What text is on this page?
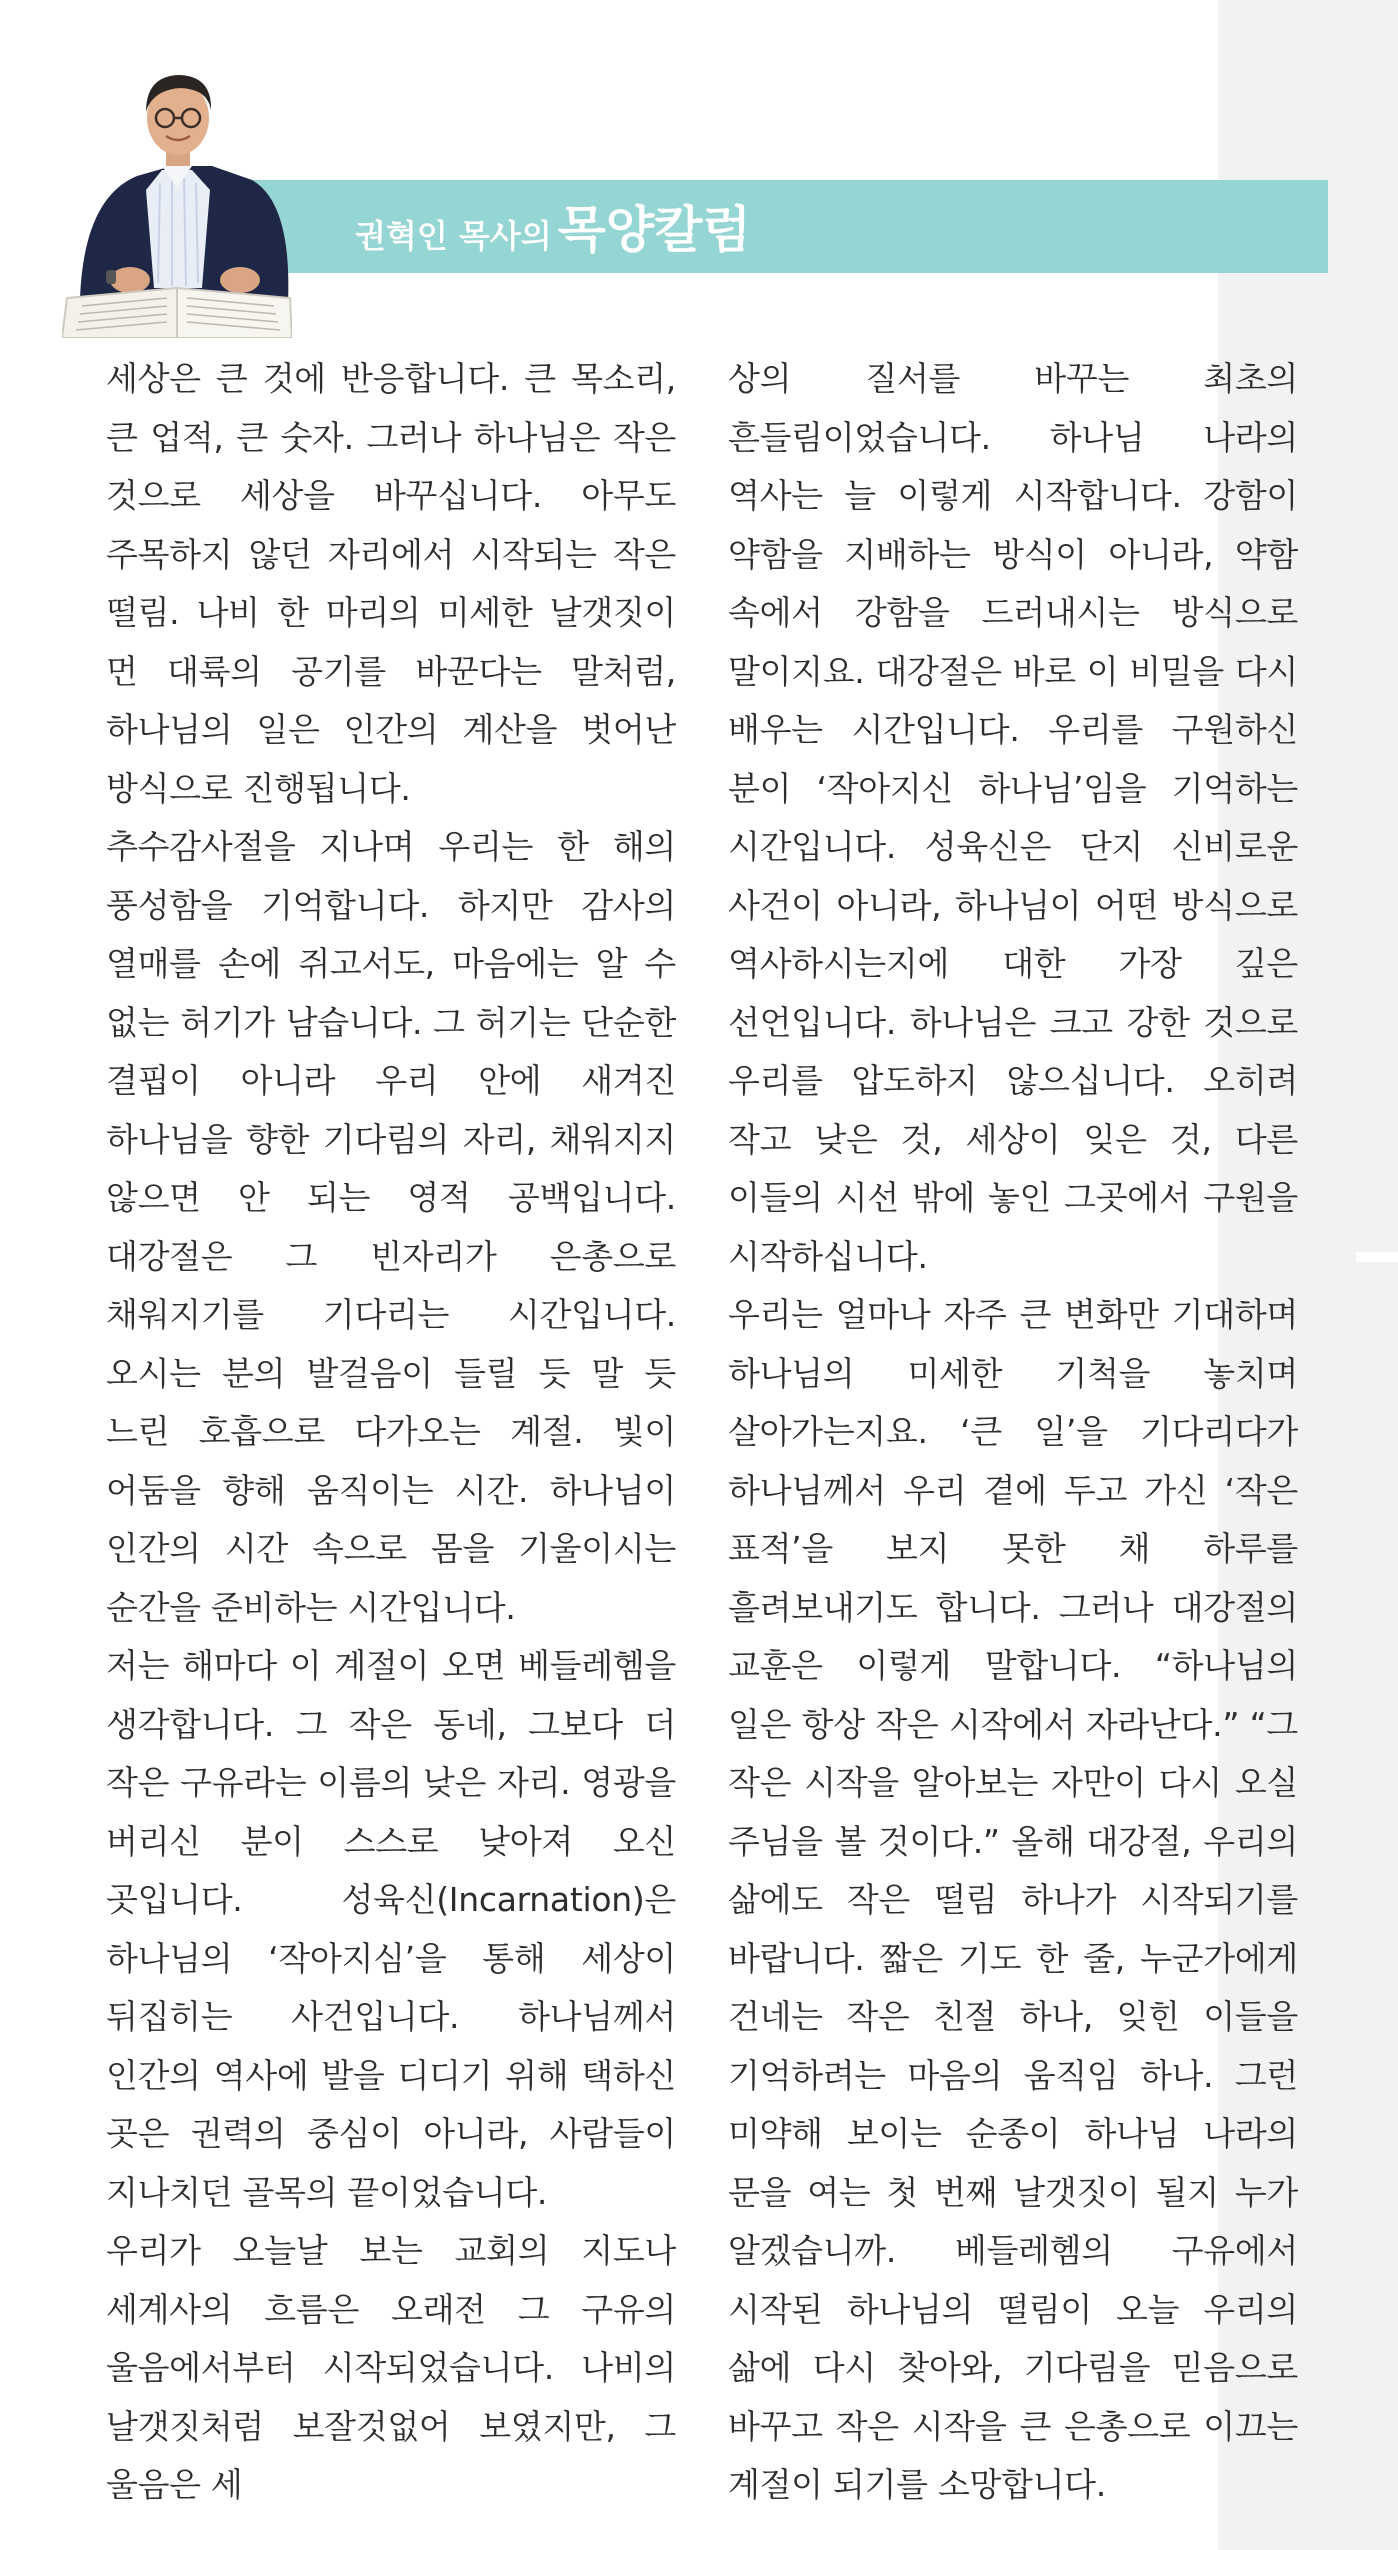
권혁인 목사의 목양칼럼

세상은 큰 것에 반응합니다. 큰 목소리, 큰 업적, 큰 숫자. 그러나 하나님은 작은 것으로 세상을 바꾸십니다. 아무도 주목하지 않던 자리에서 시작되는 작은 떨림. 나비 한 마리의 미세한 날갯짓이 먼 대륙의 공기를 바꾼다는 말처럼, 하나님의 일은 인간의 계산을 벗어난 방식으로 진행됩니다.

추수감사절을 지나며 우리는 한 해의 풍성함을 기억합니다. 하지만 감사의 열매를 손에 쥐고서도, 마음에는 알 수 없는 허기가 남습니다. 그 허기는 단순한 결핍이 아니라 우리 안에 새겨진 하나님을 향한 기다림의 자리, 채워지지 않으면 안 되는 영적 공백입니다. 대강절은 그 빈자리가 은총으로 채워지기를 기다리는 시간입니다. 오시는 분의 발걸음이 들릴 듯 말 듯 느린 호흡으로 다가오는 계절. 빛이 어둠을 향해 움직이는 시간. 하나님이 인간의 시간 속으로 몸을 기울이시는 순간을 준비하는 시간입니다.

저는 해마다 이 계절이 오면 베들레헴을 생각합니다. 그 작은 동네, 그보다 더 작은 구유라는 이름의 낮은 자리. 영광을 버리신 분이 스스로 낮아져 오신 곳입니다. 성육신(Incarnation)은 하나님의 ‘작아지심’을 통해 세상이 뒤집히는 사건입니다. 하나님께서 인간의 역사에 발을 디디기 위해 택하신 곳은 권력의 중심이 아니라, 사람들이 지나치던 골목의 끝이었습니다.

우리가 오늘날 보는 교회의 지도나 세계사의 흐름은 오래전 그 구유의 울음에서부터 시작되었습니다. 나비의 날갯짓처럼 보잘것없어 보였지만, 그 울음은 세

상의 질서를 바꾸는 최초의 흔들림이었습니다. 하나님 나라의 역사는 늘 이렇게 시작합니다. 강함이 약함을 지배하는 방식이 아니라, 약함 속에서 강함을 드러내시는 방식으로 말이지요. 대강절은 바로 이 비밀을 다시 배우는 시간입니다. 우리를 구원하신 분이 ‘작아지신 하나님’임을 기억하는 시간입니다. 성육신은 단지 신비로운 사건이 아니라, 하나님이 어떤 방식으로 역사하시는지에 대한 가장 깊은 선언입니다. 하나님은 크고 강한 것으로 우리를 압도하지 않으십니다. 오히려 작고 낮은 것, 세상이 잊은 것, 다른 이들의 시선 밖에 놓인 그곳에서 구원을 시작하십니다.

우리는 얼마나 자주 큰 변화만 기대하며 하나님의 미세한 기척을 놓치며 살아가는지요. ‘큰 일’을 기다리다가 하나님께서 우리 곁에 두고 가신 ‘작은 표적’을 보지 못한 채 하루를 흘려보내기도 합니다. 그러나 대강절의 교훈은 이렇게 말합니다. “하나님의 일은 항상 작은 시작에서 자라난다.” “그 작은 시작을 알아보는 자만이 다시 오실 주님을 볼 것이다.” 올해 대강절, 우리의 삶에도 작은 떨림 하나가 시작되기를 바랍니다. 짧은 기도 한 줄, 누군가에게 건네는 작은 친절 하나, 잊힌 이들을 기억하려는 마음의 움직임 하나. 그런 미약해 보이는 순종이 하나님 나라의 문을 여는 첫 번째 날갯짓이 될지 누가 알겠습니까. 베들레헴의 구유에서 시작된 하나님의 떨림이 오늘 우리의 삶에 다시 찾아와, 기다림을 믿음으로 바꾸고 작은 시작을 큰 은총으로 이끄는 계절이 되기를 소망합니다.
